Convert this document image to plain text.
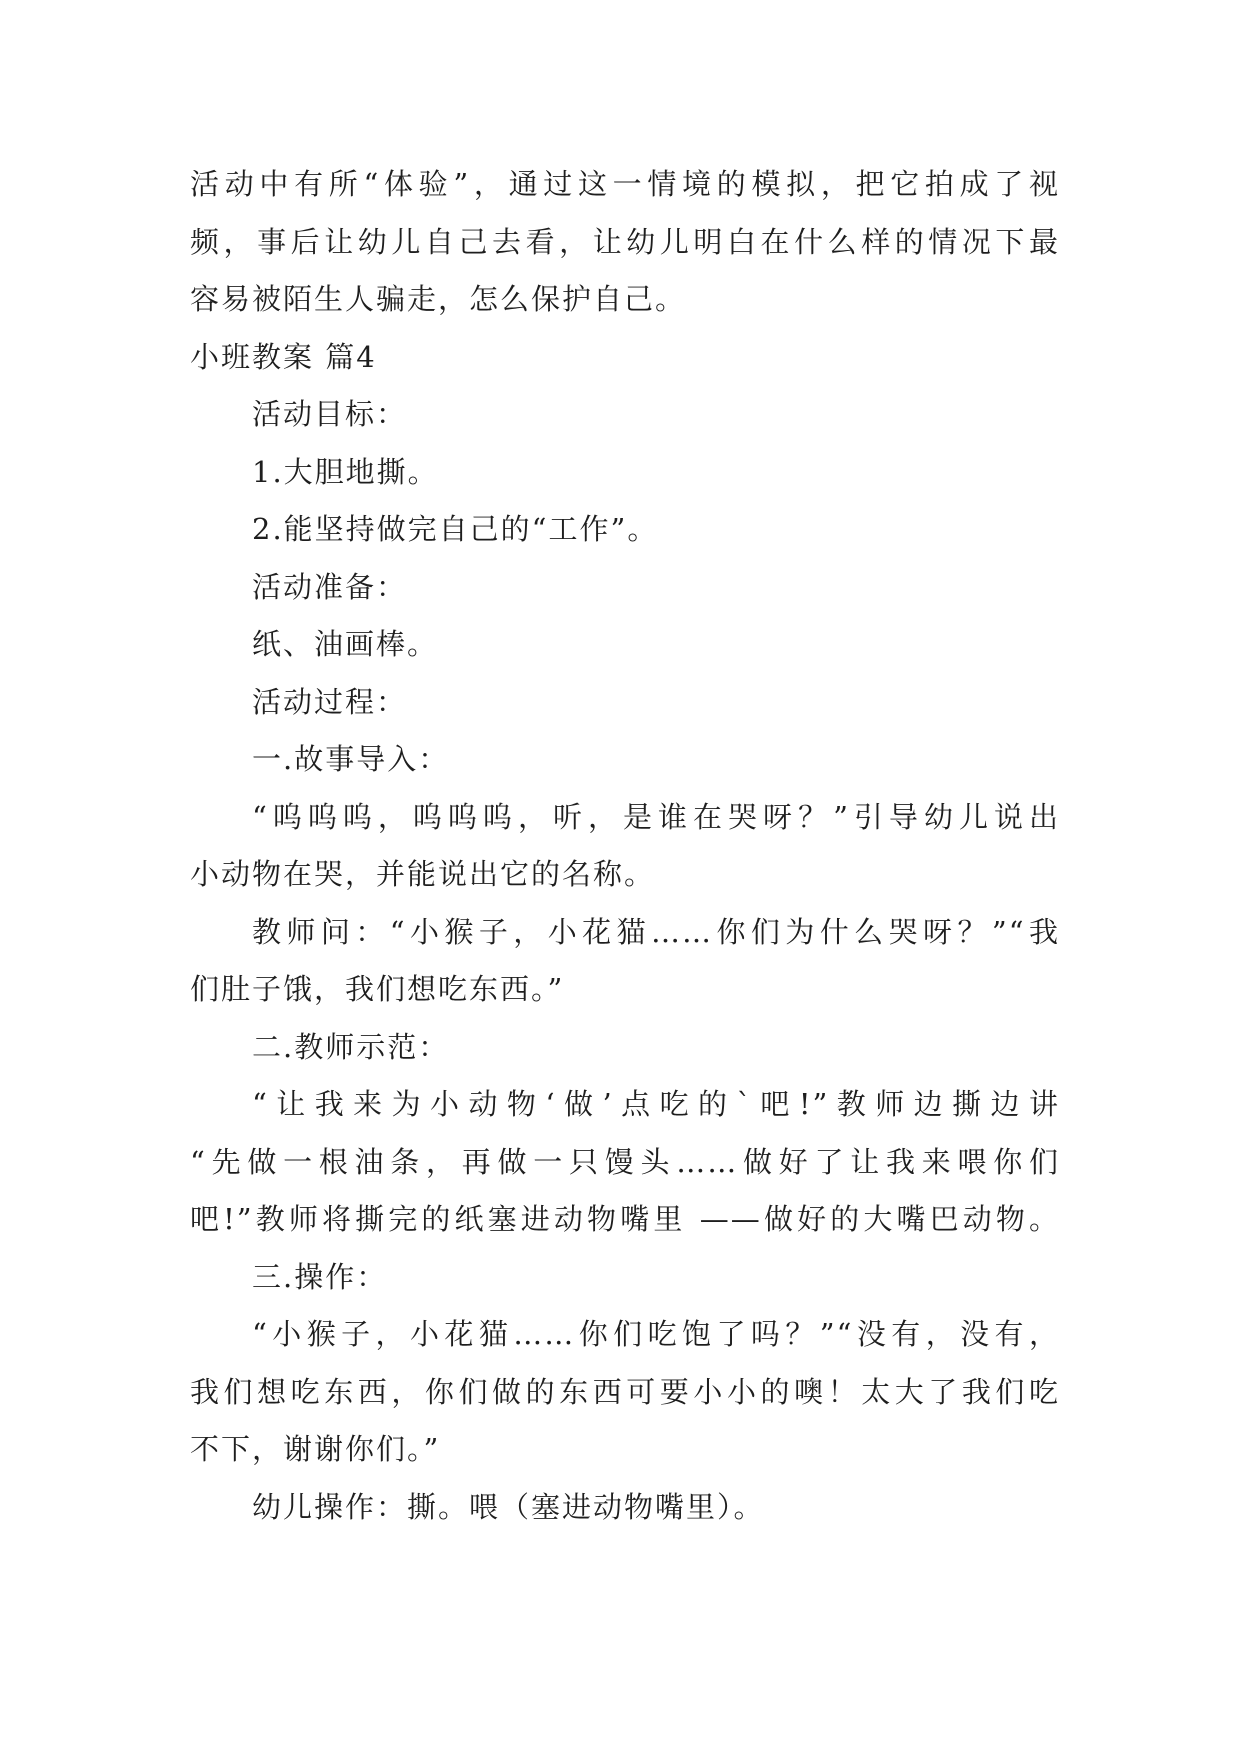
活动中有所“体验”，通过这一情境的模拟，把它拍成了视
频，事后让幼儿自己去看，让幼儿明白在什么样的情况下最
容易被陌生人骗走，怎么保护自己。
小班教案 篇4
活动目标：
1.大胆地撕。
2.能坚持做完自己的“工作”。
活动准备：
纸、油画棒。
活动过程：
一.故事导入：
“呜呜呜，呜呜呜，听，是谁在哭呀？”引导幼儿说出
小动物在哭，并能说出它的名称。
教师问：“小猴子，小花猫……你们为什么哭呀？”“我
们肚子饿，我们想吃东西。”
二.教师示范：
“让我来为小动物‘做’点吃的`吧!”教师边撕边讲
“先做一根油条，再做一只馒头……做好了让我来喂你们
吧!”教师将撕完的纸塞进动物嘴里 ——做好的大嘴巴动物。
三.操作：
“小猴子，小花猫……你们吃饱了吗？”“没有，没有，
我们想吃东西，你们做的东西可要小小的噢！太大了我们吃
不下，谢谢你们。”
幼儿操作：撕。喂（塞进动物嘴里）。
